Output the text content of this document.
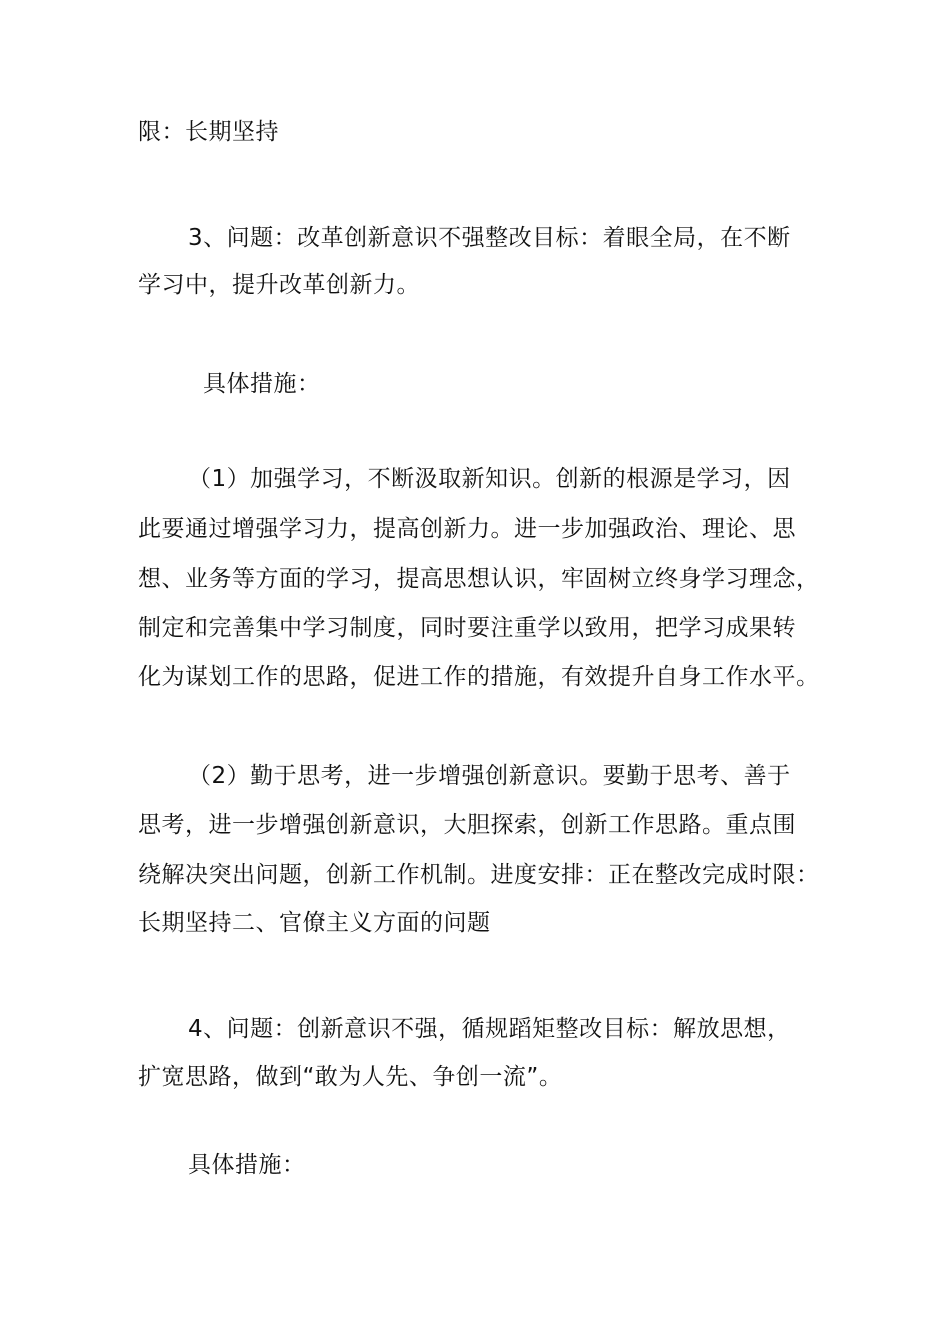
限：长期坚持
3、问题：改革创新意识不强整改目标：着眼全局，在不断
学习中，提升改革创新力。
具体措施：
（1）加强学习，不断汲取新知识。创新的根源是学习，因
此要通过增强学习力，提高创新力。进一步加强政治、理论、思
想、业务等方面的学习，提高思想认识，牢固树立终身学习理念，
制定和完善集中学习制度，同时要注重学以致用，把学习成果转
化为谋划工作的思路，促进工作的措施，有效提升自身工作水平。
（2）勤于思考，进一步增强创新意识。要勤于思考、善于
思考，进一步增强创新意识，大胆探索，创新工作思路。重点围
绕解决突出问题，创新工作机制。进度安排：正在整改完成时限：
长期坚持二、官僚主义方面的问题
4、问题：创新意识不强，循规蹈矩整改目标：解放思想，
扩宽思路，做到“敢为人先、争创一流”。
具体措施：
